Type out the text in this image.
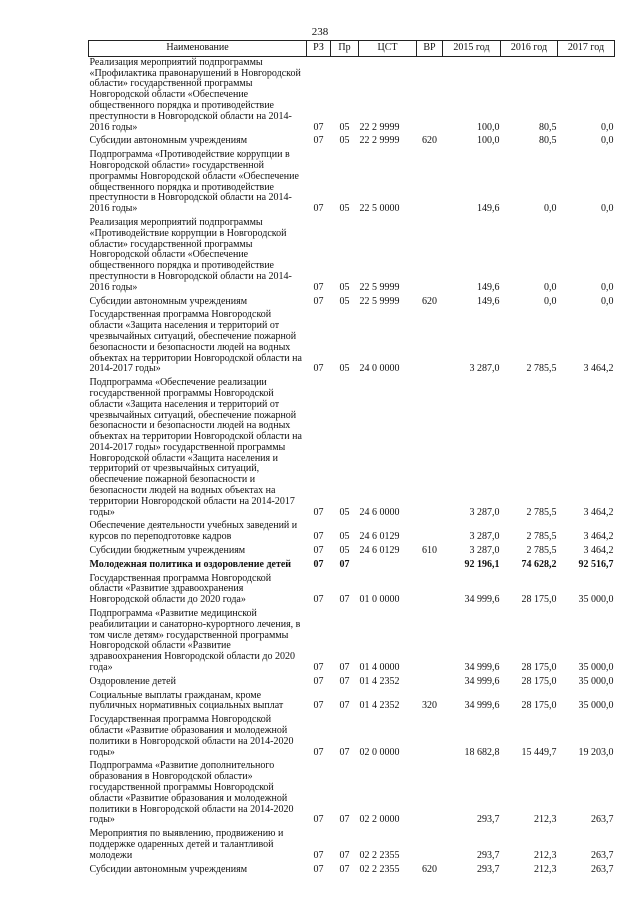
238
Наименование	РЗ	Пр	ЦСТ	ВР	2015 год	2016 год	2017 год
Реализация мероприятий подпрограммы «Профилактика правонарушений в Новгородской области» государственной программы Новгородской области «Обеспечение общественного порядка и противодействие преступности в Новгородской области на 2014-2016 годы»	07	05	22 2 9999		100,0	80,5	0,0
Субсидии автономным учреждениям	07	05	22 2 9999	620	100,0	80,5	0,0
Подпрограмма «Противодействие коррупции в Новгородской области» государственной программы Новгородской области «Обеспечение общественного порядка и противодействие преступности в Новгородской области на 2014-2016 годы»	07	05	22 5 0000		149,6	0,0	0,0
Реализация мероприятий подпрограммы «Противодействие коррупции в Новгородской области» государственной программы Новгородской области «Обеспечение общественного порядка и противодействие преступности в Новгородской области на 2014-2016 годы»	07	05	22 5 9999		149,6	0,0	0,0
Субсидии автономным учреждениям	07	05	22 5 9999	620	149,6	0,0	0,0
Государственная программа Новгородской области «Защита населения и территорий от чрезвычайных ситуаций, обеспечение пожарной безопасности и безопасности людей на водных объектах на территории Новгородской области на 2014-2017 годы»	07	05	24 0 0000		3 287,0	2 785,5	3 464,2
Подпрограмма «Обеспечение реализации государственной программы Новгородской области «Защита населения и территорий от чрезвычайных ситуаций, обеспечение пожарной безопасности и безопасности людей на водных объектах на территории Новгородской области на 2014-2017 годы» государственной программы Новгородской области «Защита населения и территорий от чрезвычайных ситуаций, обеспечение пожарной безопасности и безопасности людей на водных объектах на территории Новгородской области на 2014-2017 годы»	07	05	24 6 0000		3 287,0	2 785,5	3 464,2
Обеспечение деятельности учебных заведений и курсов по переподготовке кадров	07	05	24 6 0129		3 287,0	2 785,5	3 464,2
Субсидии бюджетным учреждениям	07	05	24 6 0129	610	3 287,0	2 785,5	3 464,2
Молодежная политика и оздоровление детей	07	07			92 196,1	74 628,2	92 516,7
Государственная программа Новгородской области «Развитие здравоохранения Новгородской области до 2020 года»	07	07	01 0 0000		34 999,6	28 175,0	35 000,0
Подпрограмма «Развитие медицинской реабилитации и санаторно-курортного лечения, в том числе детям» государственной программы Новгородской области «Развитие здравоохранения Новгородской области до 2020 года»	07	07	01 4 0000		34 999,6	28 175,0	35 000,0
Оздоровление детей	07	07	01 4 2352		34 999,6	28 175,0	35 000,0
Социальные выплаты гражданам, кроме публичных нормативных социальных выплат	07	07	01 4 2352	320	34 999,6	28 175,0	35 000,0
Государственная программа Новгородской области «Развитие образования и молодежной политики в Новгородской области на 2014-2020 годы»	07	07	02 0 0000		18 682,8	15 449,7	19 203,0
Подпрограмма «Развитие дополнительного образования в Новгородской области» государственной программы Новгородской области «Развитие образования и молодежной политики в Новгородской области на 2014-2020 годы»	07	07	02 2 0000		293,7	212,3	263,7
Мероприятия по выявлению, продвижению и поддержке одаренных детей и талантливой молодежи	07	07	02 2 2355		293,7	212,3	263,7
Субсидии автономным учреждениям	07	07	02 2 2355	620	293,7	212,3	263,7
